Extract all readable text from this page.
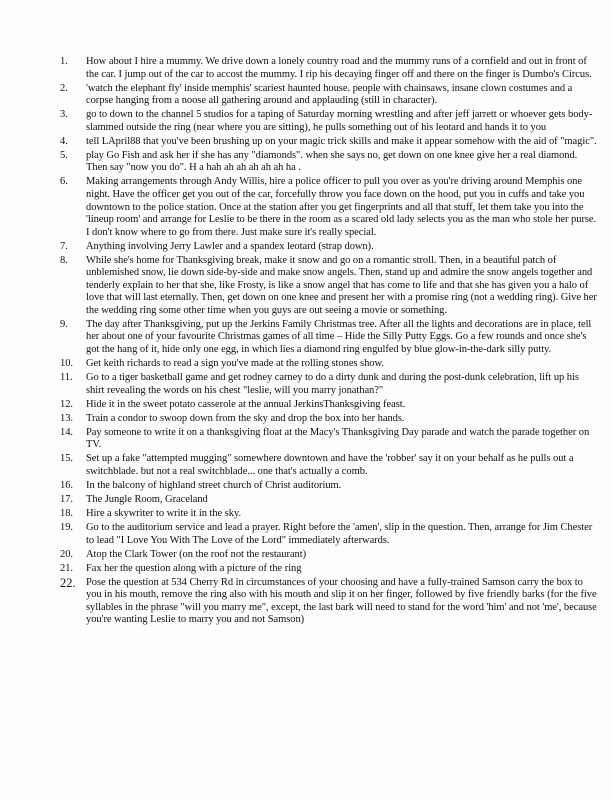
1.	How about I hire a mummy. We drive down a lonely country road and the mummy runs of a cornfield and out in front of the car. I jump out of the car to accost the mummy. I rip his decaying finger off and there on the finger is Dumbo's Circus.
2.	'watch the elephant fly' inside memphis' scariest haunted house. people with chainsaws, insane clown costumes and a corpse hanging from a noose all gathering around and applauding (still in character).
3.	go to down to the channel 5 studios for a taping of Saturday morning wrestling and after jeff jarrett or whoever gets body-slammed outside the ring (near where you are sitting), he pulls something out of his leotard and hands it to you
4.	tell LApril88 that you've been brushing up on your magic trick skills and make it appear somehow with the aid of "magic".
5.	play Go Fish and ask her if she has any "diamonds". when she says no, get down on one knee give her a real diamond. Then say "now you do". H a hah ah ah ah ah ah ha .
6.	Making arrangements through Andy Willis, hire a police officer to pull you over as you're driving around Memphis one night. Have the officer get you out of the car, forcefully throw you face down on the hood, put you in cuffs and take you downtown to the police station. Once at the station after you get fingerprints and all that stuff, let them take you into the 'lineup room' and arrange for Leslie to be there in the room as a scared old lady selects you as the man who stole her purse. I don't know where to go from there. Just make sure it's really special.
7.	Anything involving Jerry Lawler and a spandex leotard (strap down).
8.	While she's home for Thanksgiving break, make it snow and go on a romantic stroll. Then, in a beautiful patch of unblemished snow, lie down side-by-side and make snow angels. Then, stand up and admire the snow angels together and tenderly explain to her that she, like Frosty, is like a snow angel that has come to life and that she has given you a halo of love that will last eternally. Then, get down on one knee and present her with a promise ring (not a wedding ring). Give her the wedding ring some other time when you guys are out seeing a movie or something.
9.	The day after Thanksgiving, put up the Jerkins Family Christmas tree. After all the lights and decorations are in place, tell her about one of your favourite Christmas games of all time – Hide the Silly Putty Eggs. Go a few rounds and once she's got the hang of it, hide only one egg, in which lies a diamond ring engulfed by blue glow-in-the-dark silly putty.
10.	Get keith richards to read a sign you've made at the rolling stones show.
11.	Go to a tiger basketball game and get rodney carney to do a dirty dunk and during the post-dunk celebration, lift up his shirt revealing the words on his chest "leslie, will you marry jonathan?"
12.	Hide it in the sweet potato casserole at the annual JerkinsThanksgiving feast.
13.	Train a condor to swoop down from the sky and drop the box into her hands.
14.	Pay someone to write it on a thanksgiving float at the Macy's Thanksgiving Day parade and watch the parade together on TV.
15.	Set up a fake "attempted mugging" somewhere downtown and have the 'robber' say it on your behalf as he pulls out a switchblade. but not a real switchblade... one that's actually a comb.
16.	In the balcony of highland street church of Christ auditorium.
17.	The Jungle Room, Graceland
18.	Hire a skywriter to write it in the sky.
19.	Go to the auditorium service and lead a prayer. Right before the 'amen', slip in the question. Then, arrange for Jim Chester to lead "I Love You With The Love of the Lord" immediately afterwards.
20.	Atop the Clark Tower (on the roof not the restaurant)
21.	Fax her the question along with a picture of the ring
22.	Pose the question at 534 Cherry Rd in circumstances of your choosing and have a fully-trained Samson carry the box to you in his mouth, remove the ring also with his mouth and slip it on her finger, followed by five friendly barks (for the five syllables in the phrase "will you marry me", except, the last bark will need to stand for the word 'him' and not 'me', because you're wanting Leslie to marry you and not Samson)
